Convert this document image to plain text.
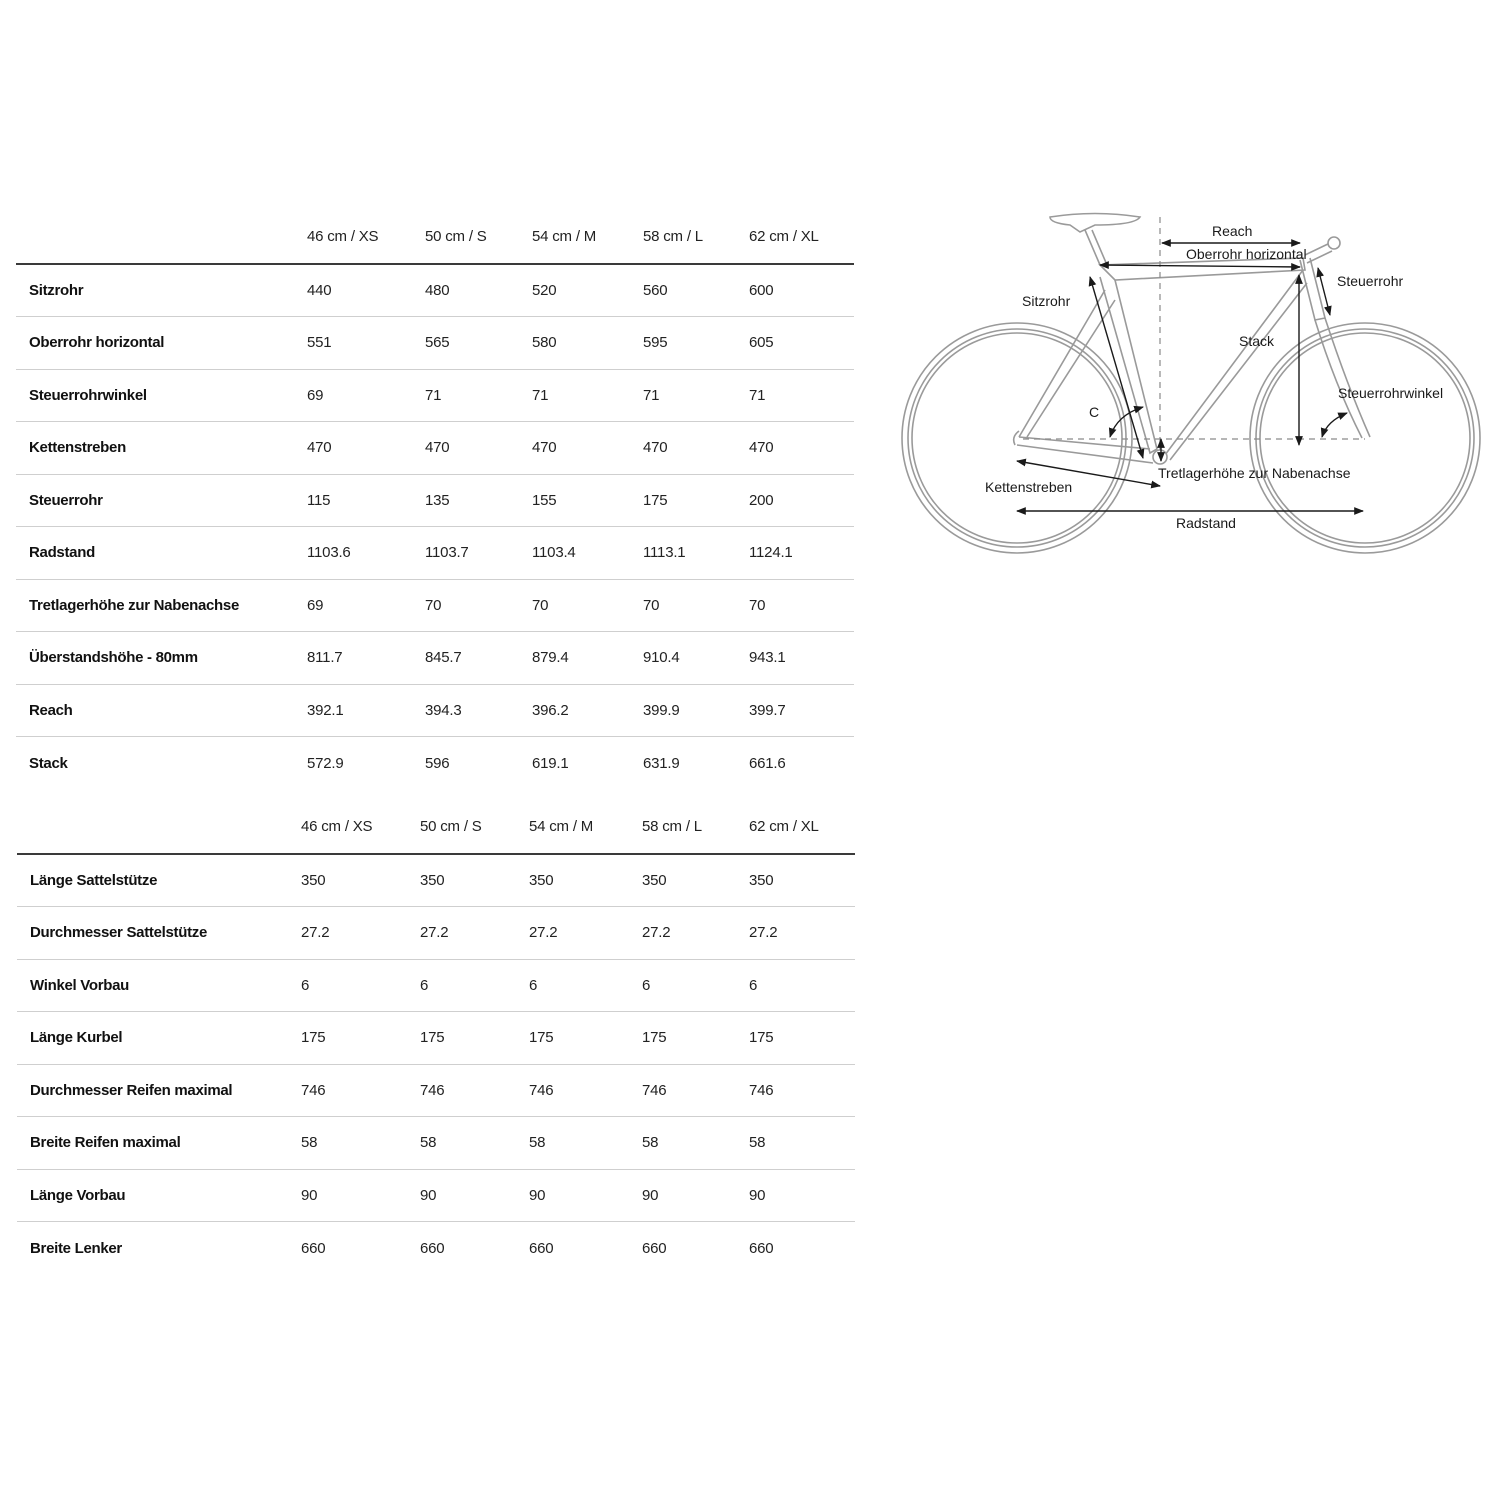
	46 cm / XS	50 cm / S	54 cm / M	58 cm / L	62 cm / XL
Sitzrohr	440	480	520	560	600
Oberrohr horizontal	551	565	580	595	605
Steuerrohrwinkel	69	71	71	71	71
Kettenstreben	470	470	470	470	470
Steuerrohr	115	135	155	175	200
Radstand	1103.6	1103.7	1103.4	1113.1	1124.1
Tretlagerhöhe zur Nabenachse	69	70	70	70	70
Überstandshöhe - 80mm	811.7	845.7	879.4	910.4	943.1
Reach	392.1	394.3	396.2	399.9	399.7
Stack	572.9	596	619.1	631.9	661.6
	46 cm / XS	50 cm / S	54 cm / M	58 cm / L	62 cm / XL
Länge Sattelstütze	350	350	350	350	350
Durchmesser Sattelstütze	27.2	27.2	27.2	27.2	27.2
Winkel Vorbau	6	6	6	6	6
Länge Kurbel	175	175	175	175	175
Durchmesser Reifen maximal	746	746	746	746	746
Breite Reifen maximal	58	58	58	58	58
Länge Vorbau	90	90	90	90	90
Breite Lenker	660	660	660	660	660
Reach
Oberrohr horizontal
Steuerrohr
Sitzrohr
Stack
Steuerrohrwinkel
C
Tretlagerhöhe zur Nabenachse
Kettenstreben
Radstand
